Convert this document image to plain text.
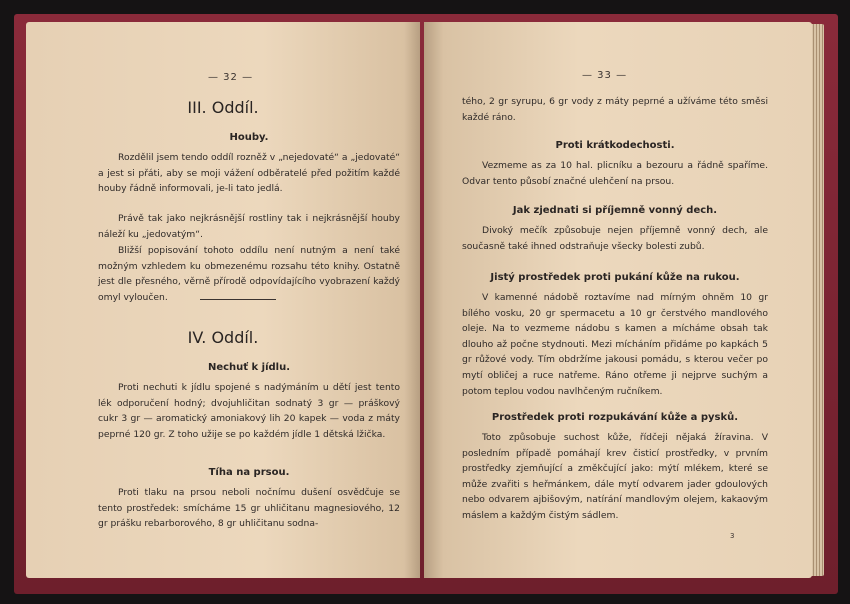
— 32 —
III. Oddíl.
Houby.

Rozdělil jsem tendo oddíl rozněž v „nejedovaté“ a „jedovaté“ a jest si přáti, aby se moji vážení odběratelé před požitím každé houby řádně informovali, je-li tato jedlá.

Právě tak jako nejkrásnější rostliny tak i nejkrásnější houby náleží ku „jedovatým“.

Bližší popisování tohoto oddílu není nutným a není také možným vzhledem ku obmezenému rozsahu této knihy. Ostatně jest dle přesného, věrně přírodě odpovídajícího vyobrazení každý omyl vyloučen.

IV. Oddíl.
Nechuť k jídlu.

Proti nechuti k jídlu spojené s nadýmáním u dětí jest tento lék odporučení hodný; dvojuhličitan sodnatý 3 gr — práškový cukr 3 gr — aromatický amoniakový lih 20 kapek — voda z máty peprné 120 gr. Z toho užije se po každém jídle 1 dětská lžička.

Tíha na prsou.

Proti tlaku na prsou neboli nočnímu dušení osvědčuje se tento prostředek: smícháme 15 gr uhličitanu magnesiového, 12 gr prášku rebarborového, 8 gr uhličitanu sodna-

— 33 —

tého, 2 gr syrupu, 6 gr vody z máty peprné a užíváme této směsi každé ráno.

Proti krátkodechosti.

Vezmeme as za 10 hal. plicníku a bezouru a řádně spaříme. Odvar tento působí značné ulehčení na prsou.

Jak zjednati si příjemně vonný dech.

Divoký mečík způsobuje nejen příjemně vonný dech, ale současně také ihned odstraňuje všecky bolesti zubů.

Jistý prostředek proti pukání kůže na rukou.

V kamenné nádobě roztavíme nad mírným ohněm 10 gr bílého vosku, 20 gr spermacetu a 10 gr čerstvého mandlového oleje. Na to vezmeme nádobu s kamen a mícháme obsah tak dlouho až počne stydnouti. Mezi mícháním přidáme po kapkách 5 gr růžové vody. Tím obdržíme jakousi pomádu, s kterou večer po mytí obličej a ruce natřeme. Ráno otřeme ji nejprve suchým a potom teplou vodou navlhčeným ručníkem.

Prostředek proti rozpukávání kůže a pysků.

Toto způsobuje suchost kůže, řídčeji nějaká žíravina. V posledním případě pomáhají krev čisticí prostředky, v prvním prostředky zjemňující a změkčující jako: mýtí mlékem, které se může zvařiti s heřmánkem, dále mytí odvarem jader gdoulových nebo odvarem ajbišovým, natírání mandlovým olejem, kakaovým máslem a každým čistým sádlem.

3
